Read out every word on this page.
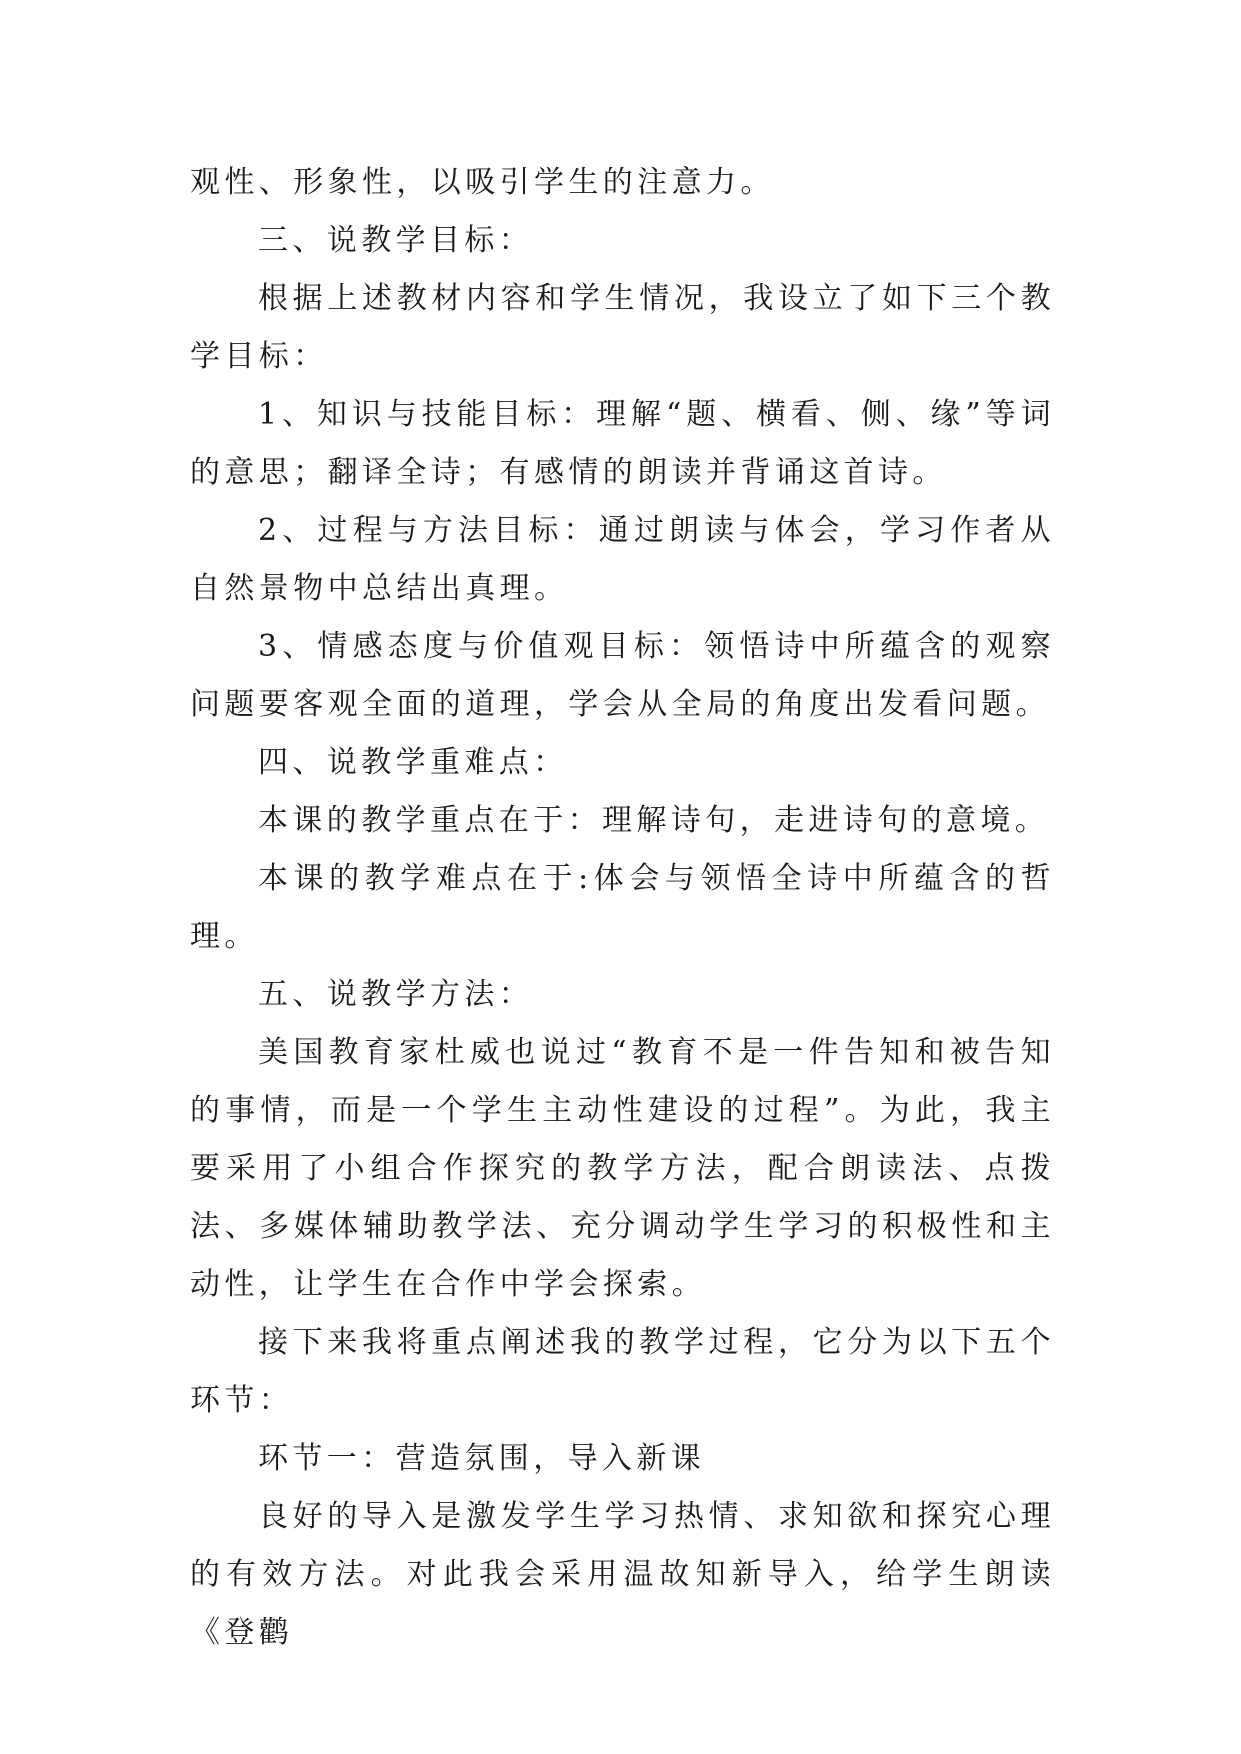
观性、形象性，以吸引学生的注意力。

三、说教学目标：

根据上述教材内容和学生情况，我设立了如下三个教学目标：

1、知识与技能目标：理解“题、横看、侧、缘”等词的意思；翻译全诗；有感情的朗读并背诵这首诗。

2、过程与方法目标：通过朗读与体会，学习作者从自然景物中总结出真理。

3、情感态度与价值观目标：领悟诗中所蕴含的观察问题要客观全面的道理，学会从全局的角度出发看问题。

四、说教学重难点：

本课的教学重点在于：理解诗句，走进诗句的意境。

本课的教学难点在于:体会与领悟全诗中所蕴含的哲理。

五、说教学方法：

美国教育家杜威也说过“教育不是一件告知和被告知的事情，而是一个学生主动性建设的过程”。为此，我主要采用了小组合作探究的教学方法，配合朗读法、点拨法、多媒体辅助教学法、充分调动学生学习的积极性和主动性，让学生在合作中学会探索。

接下来我将重点阐述我的教学过程，它分为以下五个环节：

环节一：营造氛围，导入新课

良好的导入是激发学生学习热情、求知欲和探究心理的有效方法。对此我会采用温故知新导入，给学生朗读《登鹳
